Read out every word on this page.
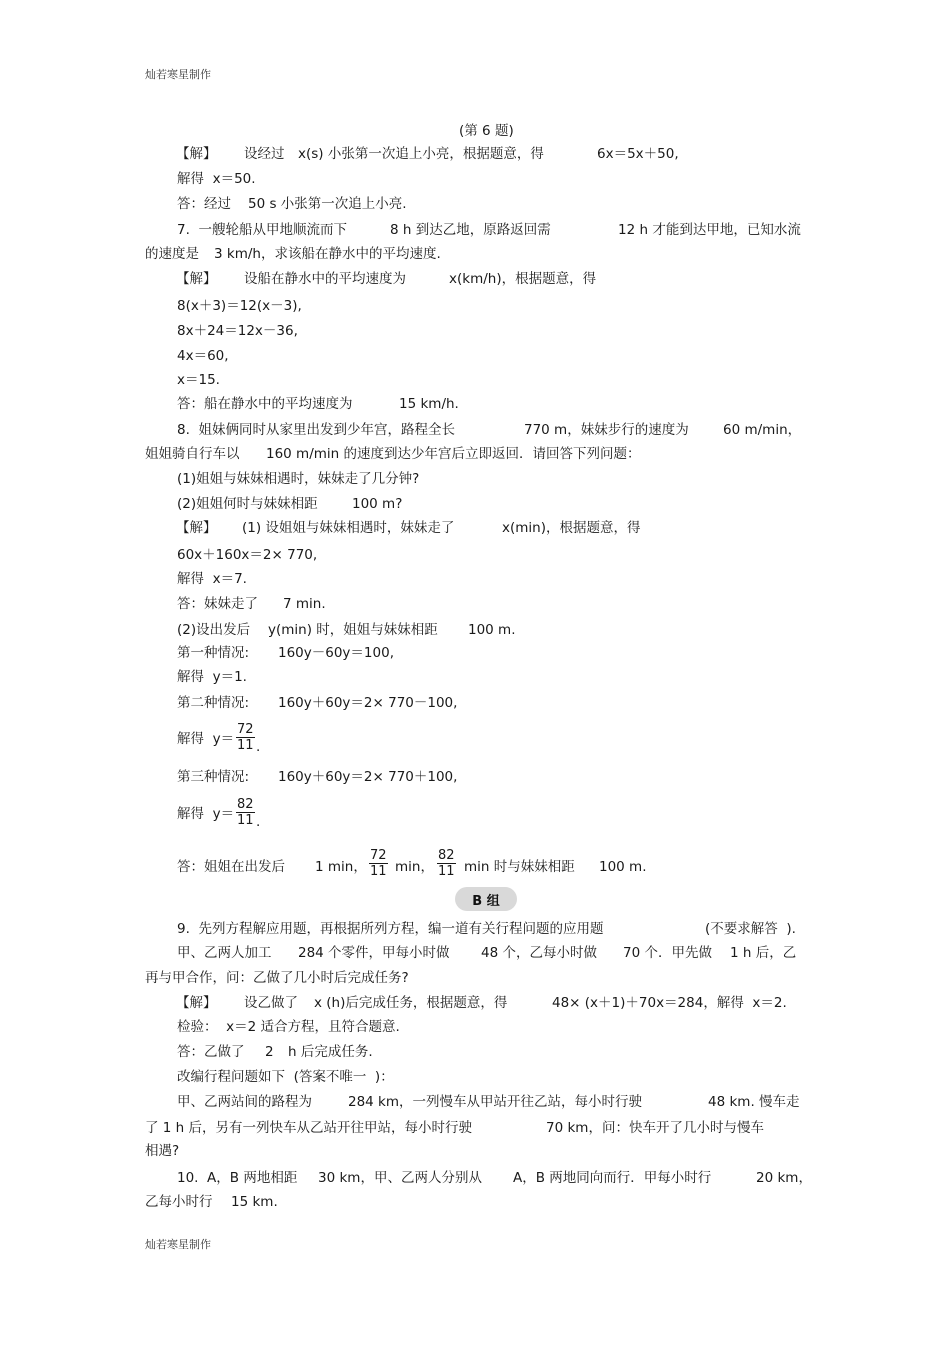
灿若寒星制作
(第 6 题)
【解】 设经过 x(s) 小张第一次追上小亮，根据题意，得	6x＝5x＋50,
解得  x＝50.
答：经过 50 s 小张第一次追上小亮.
7.  一艘轮船从甲地顺流而下	8 h 到达乙地，原路返回需	12 h 才能到达甲地，已知水流
的速度是 3 km/h，求该船在静水中的平均速度.
【解】 设船在静水中的平均速度为	x(km/h)，根据题意，得
8(x＋3)＝12(x－3),
8x＋24＝12x－36,
4x＝60,
x＝15.
答：船在静水中的平均速度为	15 km/h.
8.  姐妹俩同时从家里出发到少年宫，路程全长	770 m，妹妹步行的速度为	60 m/min，
姐姐骑自行车以 160 m/min 的速度到达少年宫后立即返回．请回答下列问题：
(1)姐姐与妹妹相遇时，妹妹走了几分钟?
(2)姐姐何时与妹妹相距	100 m?
【解】 (1) 设姐姐与妹妹相遇时，妹妹走了	x(min)，根据题意，得
60x＋160x＝2× 770,
解得  x＝7.
答：妹妹走了 7 min.
(2)设出发后 y(min) 时，姐姐与妹妹相距 100 m.
第一种情况: 160y－60y＝100,
解得  y＝1.
第二种情况: 160y＋60y＝2× 770－100,
解得  $y= \frac{72}{11}$ .
第三种情况: 160y＋60y＝2× 770＋100,
解得  $y= \frac{82}{11}$ .
答：姐姐在出发后 1 min， min， min 时与妹妹相距 100 m.
$\frac{72}{11}$	$\frac{82}{11}$
B 组
9.  先列方程解应用题，再根据所列方程，编一道有关行程问题的应用题	(不要求解答  ).
甲、乙两人加工 284 个零件，甲每小时做 48 个，乙每小时做 70 个．甲先做 1 h 后，乙
再与甲合作，问：乙做了几小时后完成任务?
【解】 设乙做了 x (h)后完成任务，根据题意，得	48× (x＋1)＋70x＝284，解得  x＝2.
检验：  x＝2 适合方程，且符合题意.
答：乙做了 2 h 后完成任务.
改编行程问题如下  (答案不唯一  )：
甲、乙两站间的路程为	284 km，一列慢车从甲站开往乙站，每小时行驶	48 km. 慢车走
了 1 h 后，另有一列快车从乙站开往甲站，每小时行驶	70 km，问：快车开了几小时与慢车
相遇?
10.  A，B 两地相距 30 km，甲、乙两人分别从 A，B 两地同向而行．甲每小时行	20 km，
乙每小时行 15 km.
灿若寒星制作
